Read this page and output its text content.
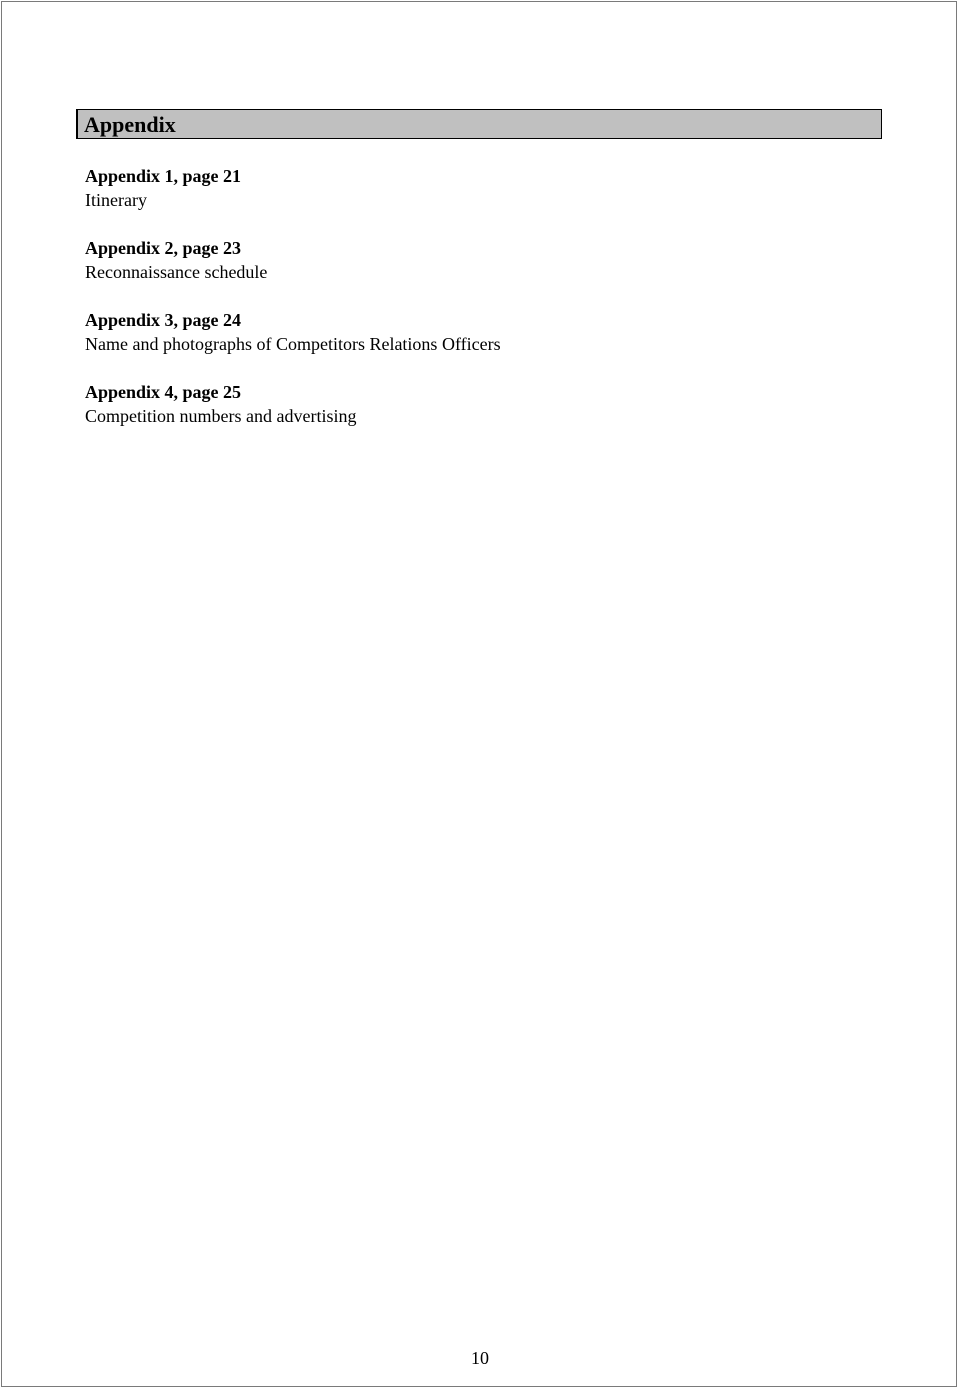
Appendix
Appendix 1, page 21
Itinerary
Appendix 2, page 23
Reconnaissance schedule
Appendix 3, page 24
Name and photographs of Competitors Relations Officers
Appendix 4, page 25
Competition numbers and advertising
10
